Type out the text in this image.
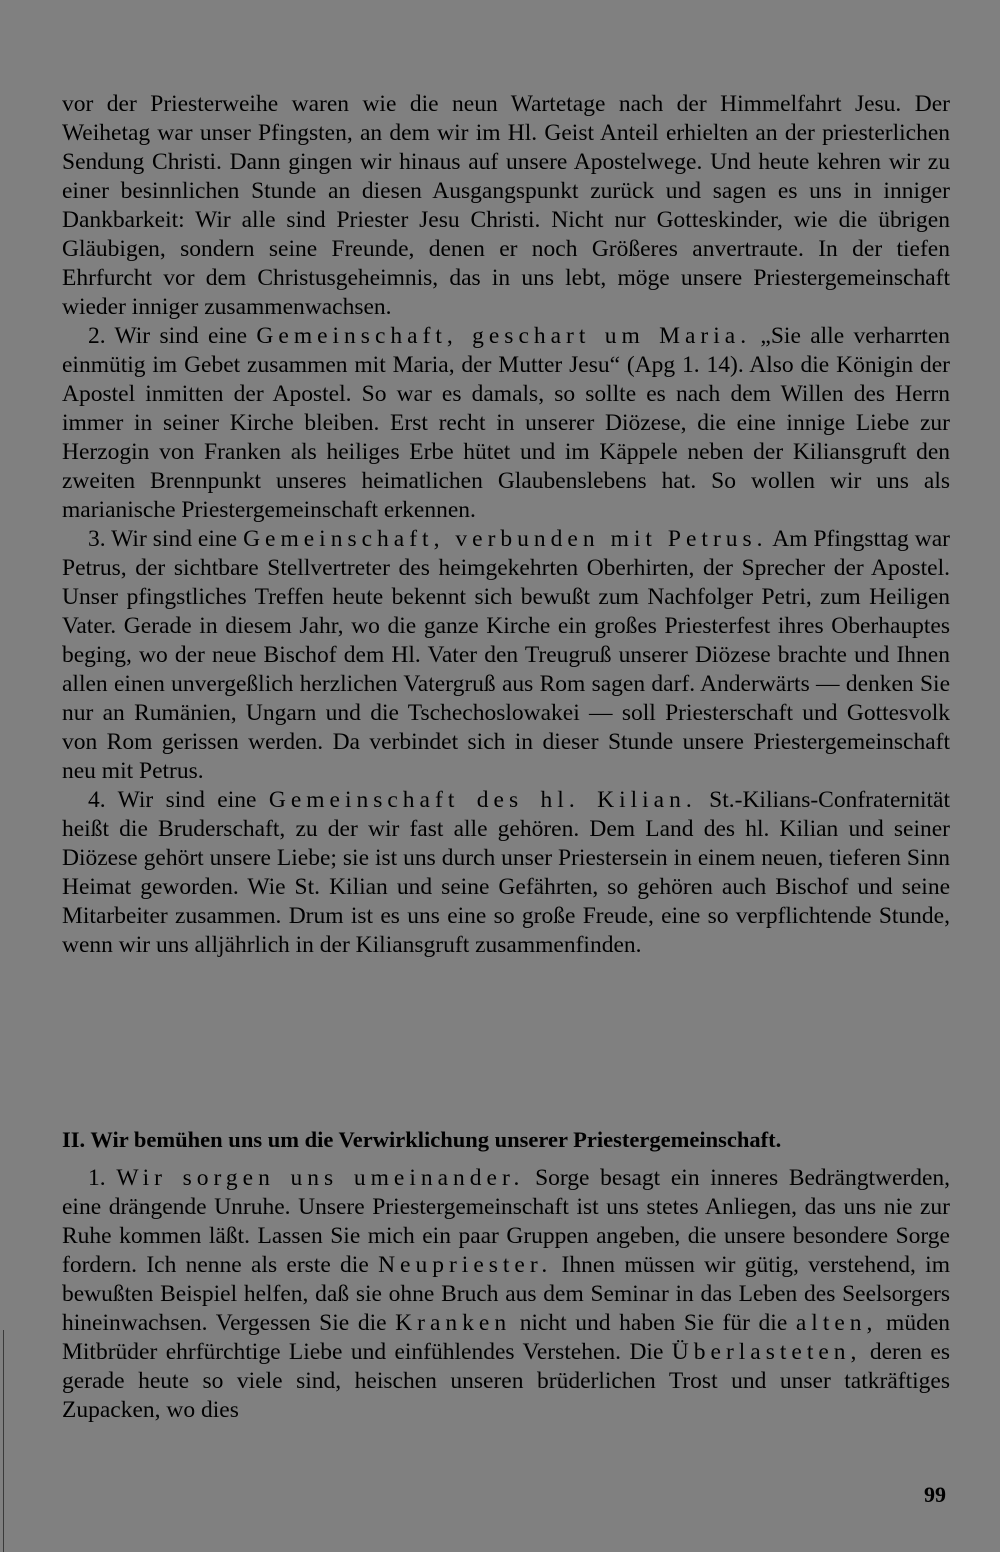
vor der Priesterweihe waren wie die neun Wartetage nach der Himmelfahrt Jesu. Der Weihetag war unser Pfingsten, an dem wir im Hl. Geist Anteil erhielten an der priesterlichen Sendung Christi. Dann gingen wir hinaus auf unsere Apostelwege. Und heute kehren wir zu einer besinnlichen Stunde an diesen Ausgangspunkt zurück und sagen es uns in inniger Dankbarkeit: Wir alle sind Priester Jesu Christi. Nicht nur Gotteskinder, wie die übrigen Gläubigen, sondern seine Freunde, denen er noch Größeres anvertraute. In der tiefen Ehrfurcht vor dem Christusgeheimnis, das in uns lebt, möge unsere Priestergemeinschaft wieder inniger zusammenwachsen.

2. Wir sind eine Gemeinschaft, geschart um Maria. „Sie alle verharrten einmütig im Gebet zusammen mit Maria, der Mutter Jesu“ (Apg 1. 14). Also die Königin der Apostel inmitten der Apostel. So war es damals, so sollte es nach dem Willen des Herrn immer in seiner Kirche bleiben. Erst recht in unserer Diözese, die eine innige Liebe zur Herzogin von Franken als heiliges Erbe hütet und im Käppele neben der Kiliansgruft den zweiten Brennpunkt unseres heimatlichen Glaubenslebens hat. So wollen wir uns als marianische Priestergemeinschaft erkennen.

3. Wir sind eine Gemeinschaft, verbunden mit Petrus. Am Pfingsttag war Petrus, der sichtbare Stellvertreter des heimgekehrten Oberhirten, der Sprecher der Apostel. Unser pfingstliches Treffen heute bekennt sich bewußt zum Nachfolger Petri, zum Heiligen Vater. Gerade in diesem Jahr, wo die ganze Kirche ein großes Priesterfest ihres Oberhauptes beging, wo der neue Bischof dem Hl. Vater den Treugruß unserer Diözese brachte und Ihnen allen einen unvergeßlich herzlichen Vatergruß aus Rom sagen darf. Anderwärts — denken Sie nur an Rumänien, Ungarn und die Tschechoslowakei — soll Priesterschaft und Gottesvolk von Rom gerissen werden. Da verbindet sich in dieser Stunde unsere Priestergemeinschaft neu mit Petrus.

4. Wir sind eine Gemeinschaft des hl. Kilian. St.-Kilians-Confraternität heißt die Bruderschaft, zu der wir fast alle gehören. Dem Land des hl. Kilian und seiner Diözese gehört unsere Liebe; sie ist uns durch unser Priestersein in einem neuen, tieferen Sinn Heimat geworden. Wie St. Kilian und seine Gefährten, so gehören auch Bischof und seine Mitarbeiter zusammen. Drum ist es uns eine so große Freude, eine so verpflichtende Stunde, wenn wir uns alljährlich in der Kiliansgruft zusammenfinden.

II. Wir bemühen uns um die Verwirklichung unserer Priestergemeinschaft.

1. Wir sorgen uns umeinander. Sorge besagt ein inneres Bedrängtwerden, eine drängende Unruhe. Unsere Priestergemeinschaft ist uns stetes Anliegen, das uns nie zur Ruhe kommen läßt. Lassen Sie mich ein paar Gruppen angeben, die unsere besondere Sorge fordern. Ich nenne als erste die Neupriester. Ihnen müssen wir gütig, verstehend, im bewußten Beispiel helfen, daß sie ohne Bruch aus dem Seminar in das Leben des Seelsorgers hineinwachsen. Vergessen Sie die Kranken nicht und haben Sie für die alten, müden Mitbrüder ehrfürchtige Liebe und einfühlendes Verstehen. Die Überlasteten, deren es gerade heute so viele sind, heischen unseren brüderlichen Trost und unser tatkräftiges Zupacken, wo dies

99
